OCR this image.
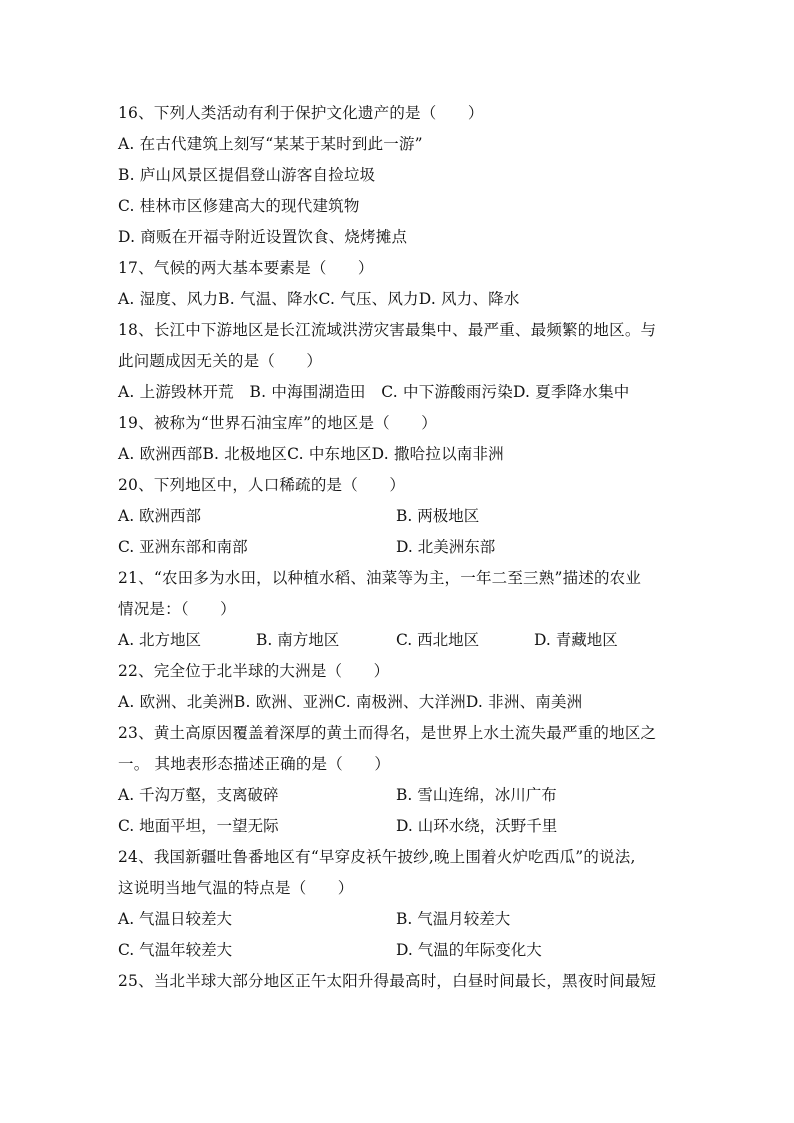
16、下列人类活动有利于保护文化遗产的是（　　）
A. 在古代建筑上刻写“某某于某时到此一游”
B. 庐山风景区提倡登山游客自捡垃圾
C. 桂林市区修建高大的现代建筑物
D. 商贩在开福寺附近设置饮食、烧烤摊点
17、气候的两大基本要素是（　　）
A. 湿度、风力B. 气温、降水C. 气压、风力D. 风力、降水
18、长江中下游地区是长江流域洪涝灾害最集中、最严重、最频繁的地区。与
此问题成因无关的是（　　）
A. 上游毁林开荒　B. 中海围湖造田　C. 中下游酸雨污染D. 夏季降水集中
19、被称为“世界石油宝库”的地区是（　　）
A. 欧洲西部B. 北极地区C. 中东地区D. 撒哈拉以南非洲
20、下列地区中，人口稀疏的是（　　）
A. 欧洲西部	B. 两极地区
C. 亚洲东部和南部	D. 北美洲东部
21、“农田多为水田，以种植水稻、油菜等为主，一年二至三熟”描述的农业
情况是：（　　）
A. 北方地区	B. 南方地区	C. 西北地区	D. 青藏地区
22、完全位于北半球的大洲是（　　）
A. 欧洲、北美洲B. 欧洲、亚洲C. 南极洲、大洋洲D. 非洲、南美洲
23、黄土高原因覆盖着深厚的黄土而得名，是世界上水土流失最严重的地区之
一。 其地表形态描述正确的是（　　）
A. 千沟万壑，支离破碎	B. 雪山连绵，冰川广布
C. 地面平坦，一望无际	D. 山环水绕，沃野千里
24、我国新疆吐鲁番地区有“早穿皮袄午披纱,晚上围着火炉吃西瓜”的说法,
这说明当地气温的特点是（　　）
A. 气温日较差大	B. 气温月较差大
C. 气温年较差大	D. 气温的年际变化大
25、当北半球大部分地区正午太阳升得最高时，白昼时间最长，黑夜时间最短
